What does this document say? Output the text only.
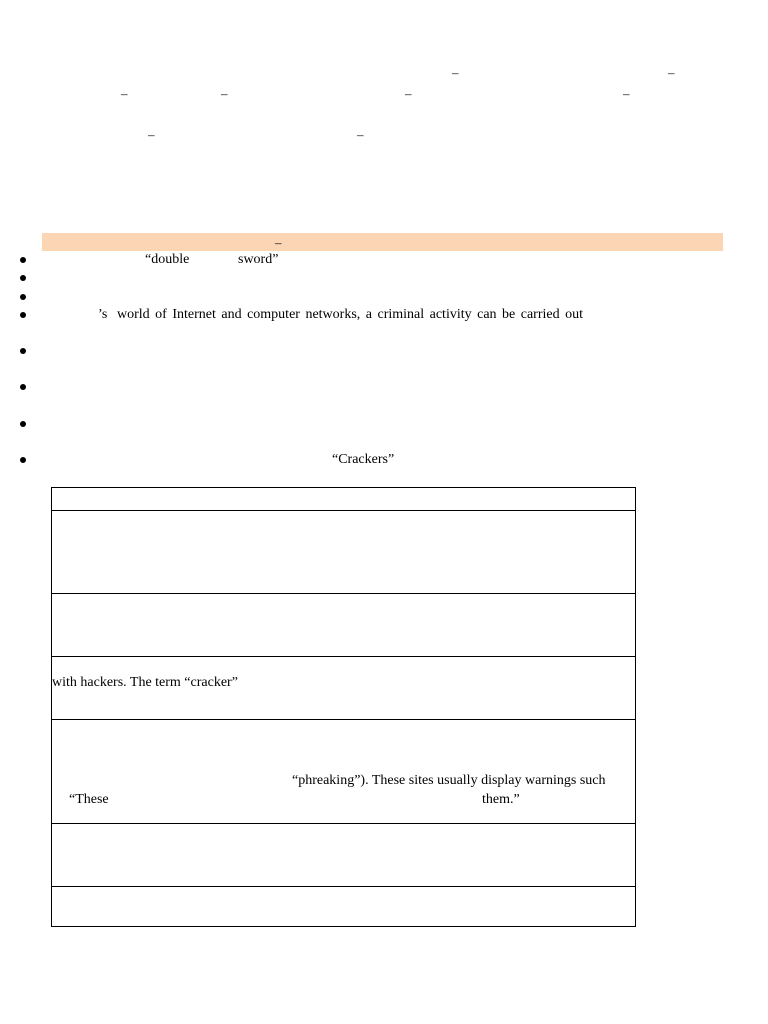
–	–
–	–	–	–
–	–
–
“double	sword”
’s world of Internet and computer networks, a criminal activity can be carried out
“Crackers”
with hackers. The term “cracker”
“phreaking”). These sites usually display warnings such
“These	them.”
